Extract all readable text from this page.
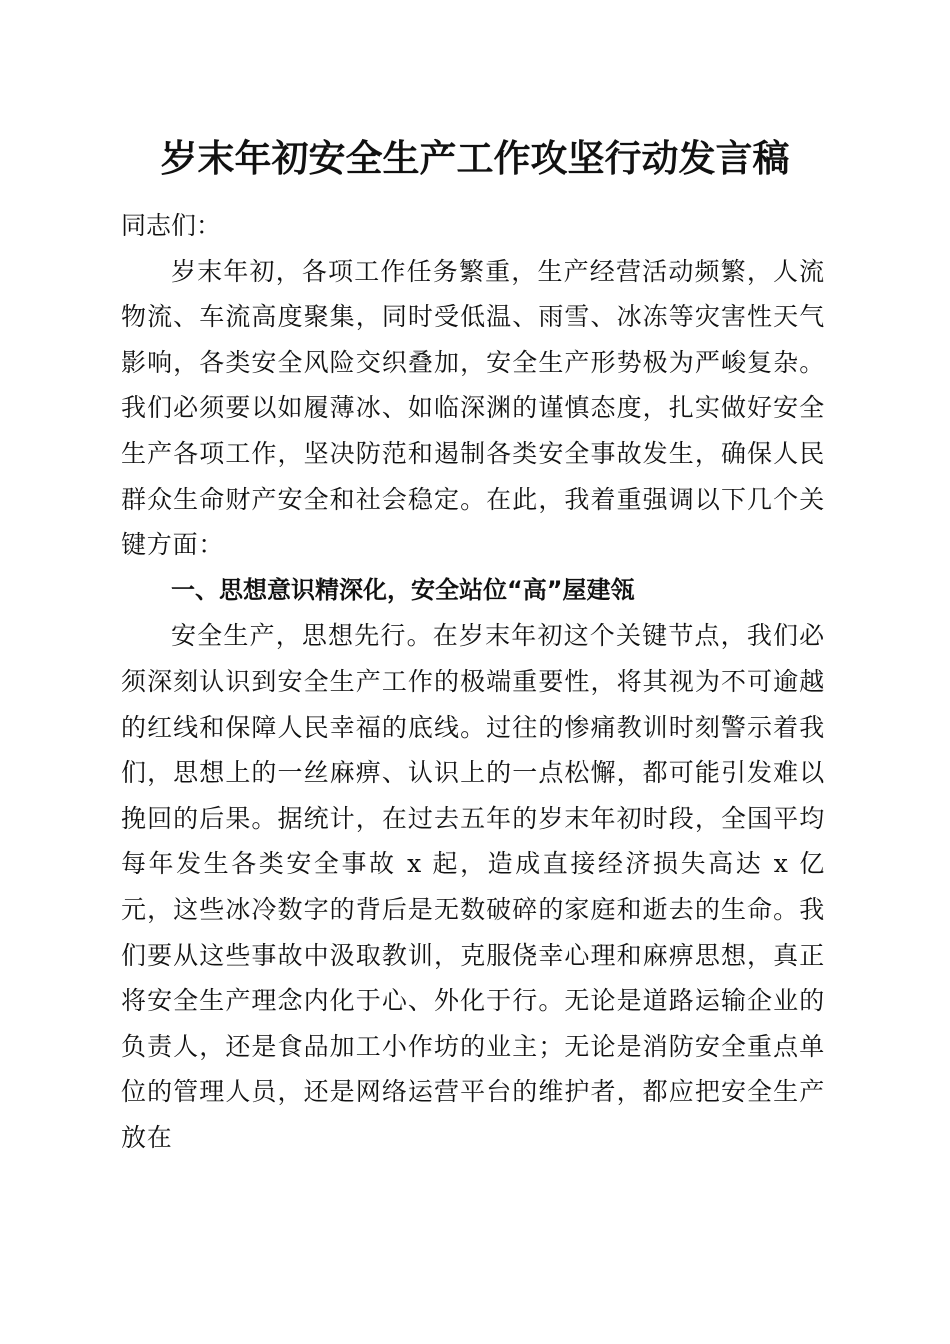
岁末年初安全生产工作攻坚行动发言稿

同志们：

岁末年初，各项工作任务繁重，生产经营活动频繁，人流物流、车流高度聚集，同时受低温、雨雪、冰冻等灾害性天气影响，各类安全风险交织叠加，安全生产形势极为严峻复杂。我们必须要以如履薄冰、如临深渊的谨慎态度，扎实做好安全生产各项工作，坚决防范和遏制各类安全事故发生，确保人民群众生命财产安全和社会稳定。在此，我着重强调以下几个关键方面：

一、思想意识精深化，安全站位“高”屋建瓴

安全生产，思想先行。在岁末年初这个关键节点，我们必须深刻认识到安全生产工作的极端重要性，将其视为不可逾越的红线和保障人民幸福的底线。过往的惨痛教训时刻警示着我们，思想上的一丝麻痹、认识上的一点松懈，都可能引发难以挽回的后果。据统计，在过去五年的岁末年初时段，全国平均每年发生各类安全事故 x 起，造成直接经济损失高达 x 亿元，这些冰冷数字的背后是无数破碎的家庭和逝去的生命。我们要从这些事故中汲取教训，克服侥幸心理和麻痹思想，真正将安全生产理念内化于心、外化于行。无论是道路运输企业的负责人，还是食品加工小作坊的业主；无论是消防安全重点单位的管理人员，还是网络运营平台的维护者，都应把安全生产放在
